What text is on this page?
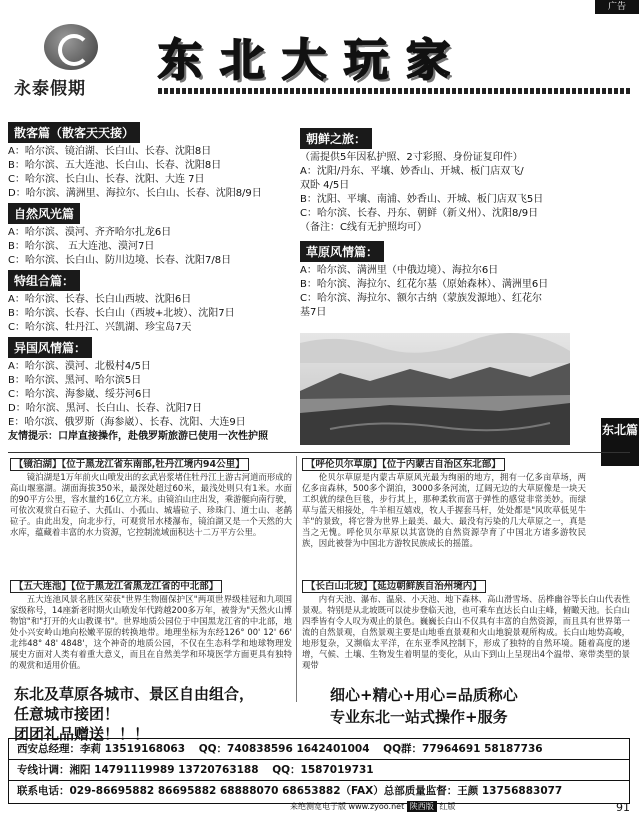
广告
永泰假期
东北大玩家
散客篇（散客天天接）
A：哈尔滨、镜泊湖、长白山、长春、沈阳8日
B：哈尔滨、五大连池、长白山、长春、沈阳8日
C：哈尔滨、长白山、长春、沈阳、大连 7日
D：哈尔滨、满洲里、海拉尔、长白山、长春、沈阳8/9日
自然风光篇
A：哈尔滨、漠河、齐齐哈尔扎龙6日
B：哈尔滨、 五大连池、漠河7日
C：哈尔滨、长白山、防川边境、长春、沈阳7/8日
特组合篇：
A：哈尔滨、长春、长白山西坡、沈阳6日
B：哈尔滨、长春、长白山（西坡+北坡）、沈阳7日
C：哈尔滨、牡丹江、兴凯湖、珍宝岛7天
异国风情篇：
A：哈尔滨、漠河、北极村4/5日
B：哈尔滨、黑河、哈尔滨5日
C：哈尔滨、海参崴、绥芬河6日
D：哈尔滨、黑河、长白山、长春、沈阳7日
E：哈尔滨、俄罗斯（海参崴）、长春、沈阳、大连9日
友情提示：口岸直接操作，赴俄罗斯旅游已使用一次性护照
朝鲜之旅：
（需提供5年因私护照、2寸彩照、身份证复印件）
A：沈阳/丹东、平壤、妙香山、开城、板门店双飞/
双卧 4/5日
B：沈阳、平壤、南浦、妙香山、开城、板门店双飞5日
C：哈尔滨、长春、丹东、朝鲜（新义州）、沈阳8/9日
（备注：C线有无护照均可）
草原风情篇：
A：哈尔滨、满洲里（中俄边境）、海拉尔6日
B：哈尔滨、海拉尔、红花尔基（原始森林）、满洲里6日
C：哈尔滨、海拉尔、额尔古纳（蒙族发源地）、红花尔
基7日
东北篇
【镜泊湖】【位于黑龙江省东南部,牡丹江境内94公里】
镜泊湖是1万年前火山喷发出的玄武岩浆堵住牡丹江上游古河道而形成的高山堰塞湖。湖面海拔350米，最深处超过60米，最浅处则只有1米。水面的90平方公里，容水量约16亿立方米。由镜泊山庄出发，乘游艇向南行驶，可依次观赏白石砬子、大孤山、小孤山、城墙砬子、珍珠门、道士山、老鹋砬子。由此出发，向北步行，可观赏吊水楼瀑布，镜泊湖又是一个天然的大水库，蕴藏着丰富的水力资源，它控制流域面积达十二万平方公里。
【五大连池】【位于黑龙江省黑龙江省的中北部】
五大连池风景名胜区荣获"世界生物圈保护区"两项世界级桂冠和九项国家级称号，14座新老时期火山喷发年代跨越200多万年，被誉为"天然火山博物馆"和"打开的火山教课书"。世界地质公园位于中国黑龙江省的中北部，地处小兴安岭山地向松嫩平原的转换地带。地理坐标为东经126° 00' 12' 66' 北纬48° 48' 4848'，这个神奇的地质公园，不仅在生态科学和地球物理发展史方面对人类有着重大意义，而且在自然美学和环境医学方面更具有独特的观赏和适用价值。
【呼伦贝尔草原】【位于内蒙古自治区东北部】
伦贝尔草原是内蒙古草原风光最为绚丽的地方，拥有一亿多亩草场，两亿多亩森林，500多个湖泊，3000多条河流，辽阔无边的大草原像是一块天工织就的绿色巨毯，步行其上，那种柔软而富于弹性的感觉非常美妙。而绿草与蓝天相接处，牛羊相互嬉戏，牧人手握套马杆，处处都是"风吹草低见牛羊"的景致，将它誉为世界上最美、最大、最没有污染的几大草原之一，真是当之无愧。呼伦贝尔草原以其富饶的自然资源孕育了中国北方诸多游牧民族，因此被誉为中国北方游牧民族成长的摇篮。
【长白山北坡】【延边朝鲜族自治州境内】
内有天池、瀑布、温泉、小天池、地下森林、高山滑雪场、岳桦幽谷等长白山代表性景观。特别是从北坡既可以徒步登临天池，也可乘车直达长白山主峰，俯瞰天池。长白山四季皆有令人叹为观止的景色。巍巍长白山不仅具有丰富的自然资源，而且具有世界第一流的自然景观，自然景观主要是山地垂直景观和火山地貌景观所构成。长白山地势高峻，地形复杂，又濒临太平洋，在东亚季风控制下，形成了独特的自然环境。随着高度的递增，气候、土壤、生物发生着明显的变化，从山下到山上呈现出4个温带、寒带类型的景观带
东北及草原各城市、景区自由组合，
任意城市接团！
团团礼品赠送！！！
细心+精心+用心=品质称心
专业东北一站式操作+服务
西安总经理：李莉 13519168063 QQ：740838596 1642401004 QQ群：77964691 58187736
专线计调：湘阳 14791119989 13720763188 QQ：1587019731
联系电话：029-86695882 86695882 68888070 68653882（FAX）总部质量监督：王颜 13756883077
来绝测宽电子版 www.zyoo.net 陕西版 红版	91
